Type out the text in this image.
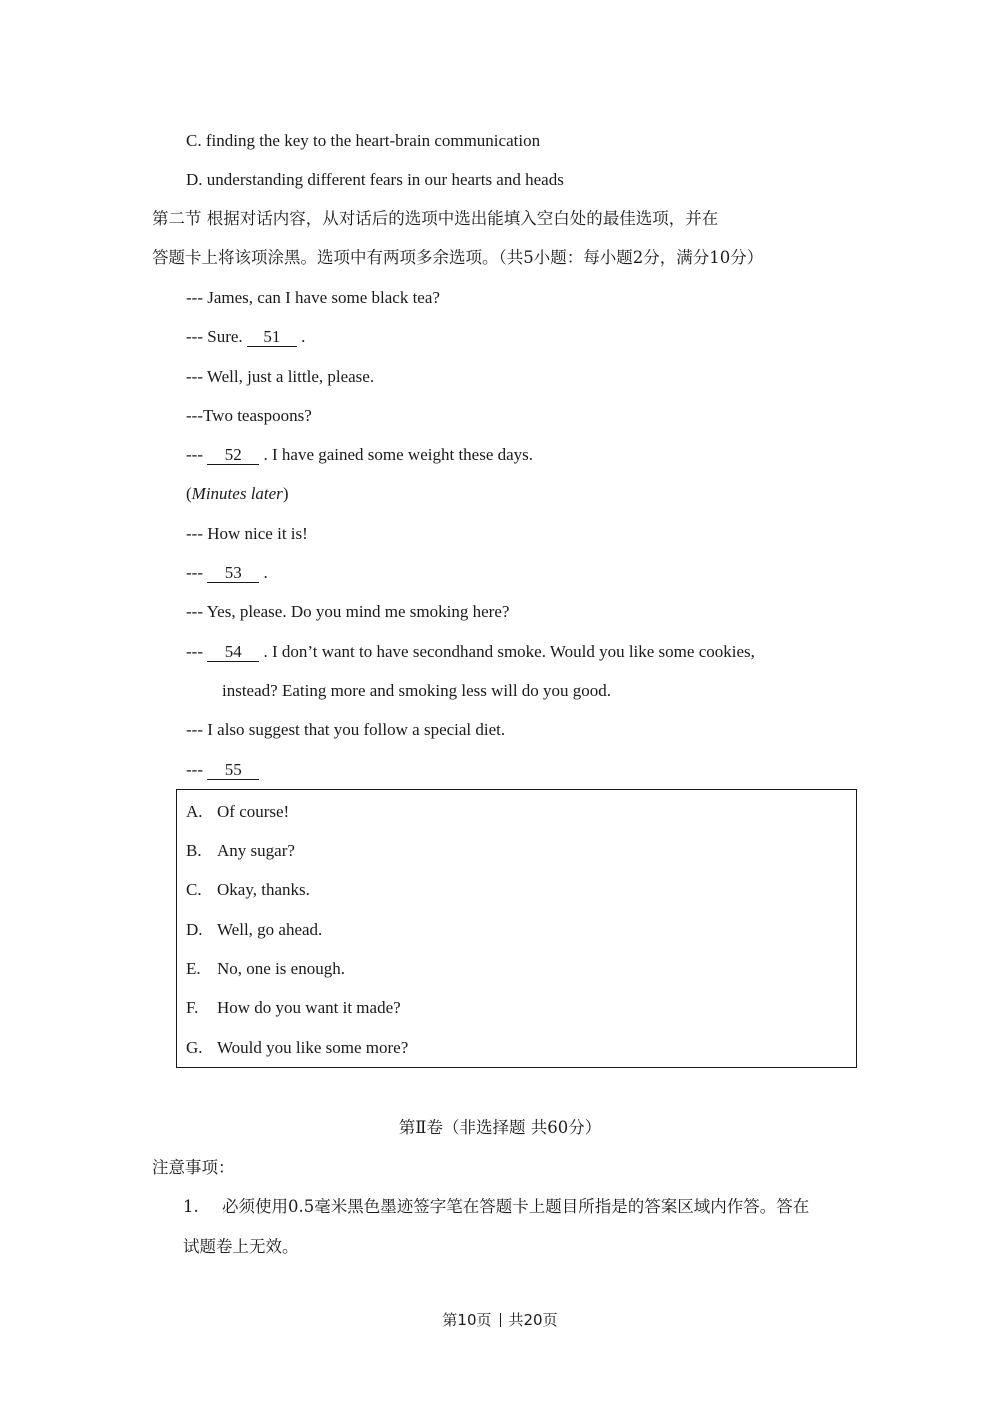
C. finding the key to the heart-brain communication
D. understanding different fears in our hearts and heads
第二节 根据对话内容，从对话后的选项中选出能填入空白处的最佳选项，并在
答题卡上将该项涂黑。选项中有两项多余选项。（共5小题：每小题2分，满分10分）
--- James, can I have some black tea?
--- Sure. 51 .
--- Well, just a little, please.
---Two teaspoons?
--- 52 . I have gained some weight these days.
(Minutes later)
--- How nice it is!
--- 53 .
--- Yes, please. Do you mind me smoking here?
--- 54 . I don’t want to have secondhand smoke. Would you like some cookies,
instead? Eating more and smoking less will do you good.
--- I also suggest that you follow a special diet.
--- 55
A. Of course!
B. Any sugar?
C. Okay, thanks.
D. Well, go ahead.
E. No, one is enough.
F. How do you want it made?
G. Would you like some more?
第Ⅱ卷（非选择题 共60分）
注意事项：
1. 必须使用0.5毫米黑色墨迹签字笔在答题卡上题目所指是的答案区域内作答。答在
试题卷上无效。
第10页 共20页
